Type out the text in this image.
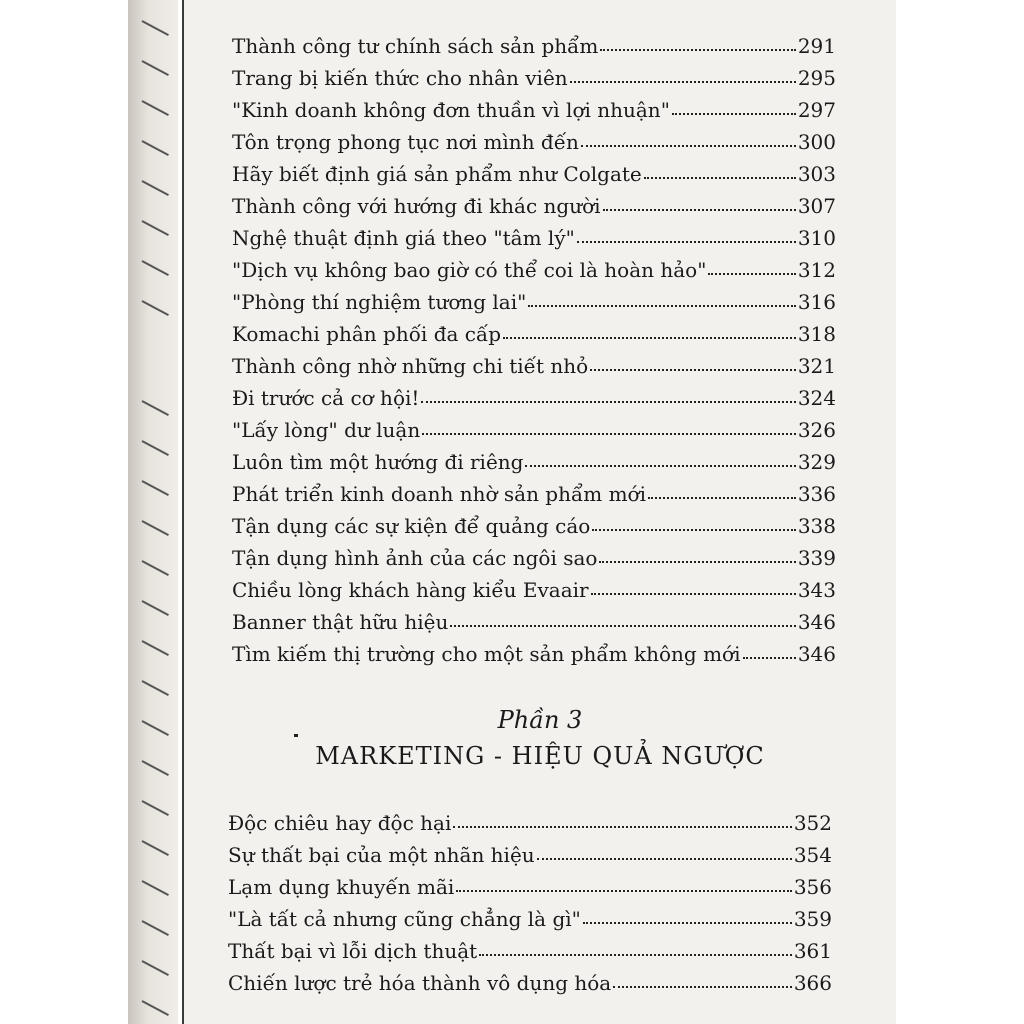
Thành công tư chính sách sản phẩm	291
Trang bị kiến thức cho nhân viên	295
"Kinh doanh không đơn thuần vì lợi nhuận"	297
Tôn trọng phong tục nơi mình đến	300
Hãy biết định giá sản phẩm như Colgate	303
Thành công với hướng đi khác người	307
Nghệ thuật định giá theo "tâm lý"	310
"Dịch vụ không bao giờ có thể coi là hoàn hảo"	312
"Phòng thí nghiệm tương lai"	316
Komachi phân phối đa cấp	318
Thành công nhờ những chi tiết nhỏ	321
Đi trước cả cơ hội!	324
"Lấy lòng" dư luận	326
Luôn tìm một hướng đi riêng	329
Phát triển kinh doanh nhờ sản phẩm mới	336
Tận dụng các sự kiện để quảng cáo	338
Tận dụng hình ảnh của các ngôi sao	339
Chiều lòng khách hàng kiểu Evaair	343
Banner thật hữu hiệu	346
Tìm kiếm thị trường cho một sản phẩm không mới	346
Phần 3
MARKETING - HIỆU QUẢ NGƯỢC
Độc chiêu hay độc hại	352
Sự thất bại của một nhãn hiệu	354
Lạm dụng khuyến mãi	356
"Là tất cả nhưng cũng chẳng là gì"	359
Thất bại vì lỗi dịch thuật	361
Chiến lược trẻ hóa thành vô dụng hóa	366
